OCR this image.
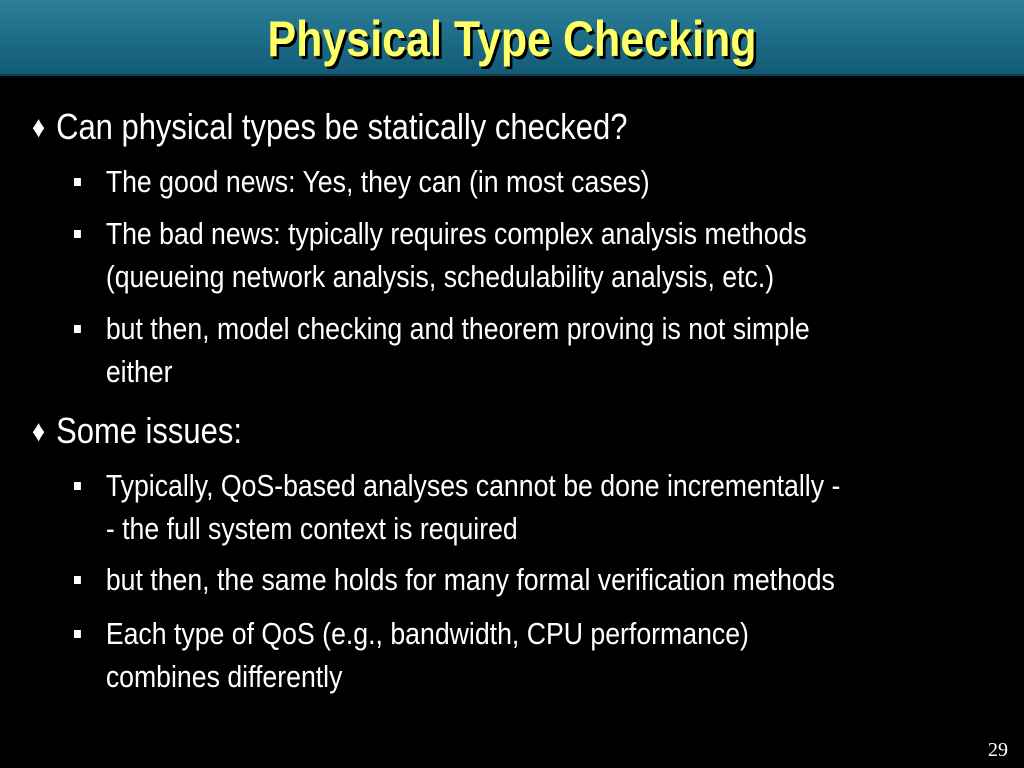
Physical Type Checking
♦ Can physical types be statically checked?
The good news: Yes, they can (in most cases)
The bad news: typically requires complex analysis methods
(queueing network analysis, schedulability analysis, etc.)
but then, model checking and theorem proving is not simple
either
♦ Some issues:
Typically, QoS-based analyses cannot be done incrementally -
- the full system context is required
but then, the same holds for many formal verification methods
Each type of QoS (e.g., bandwidth, CPU performance)
combines differently
29
